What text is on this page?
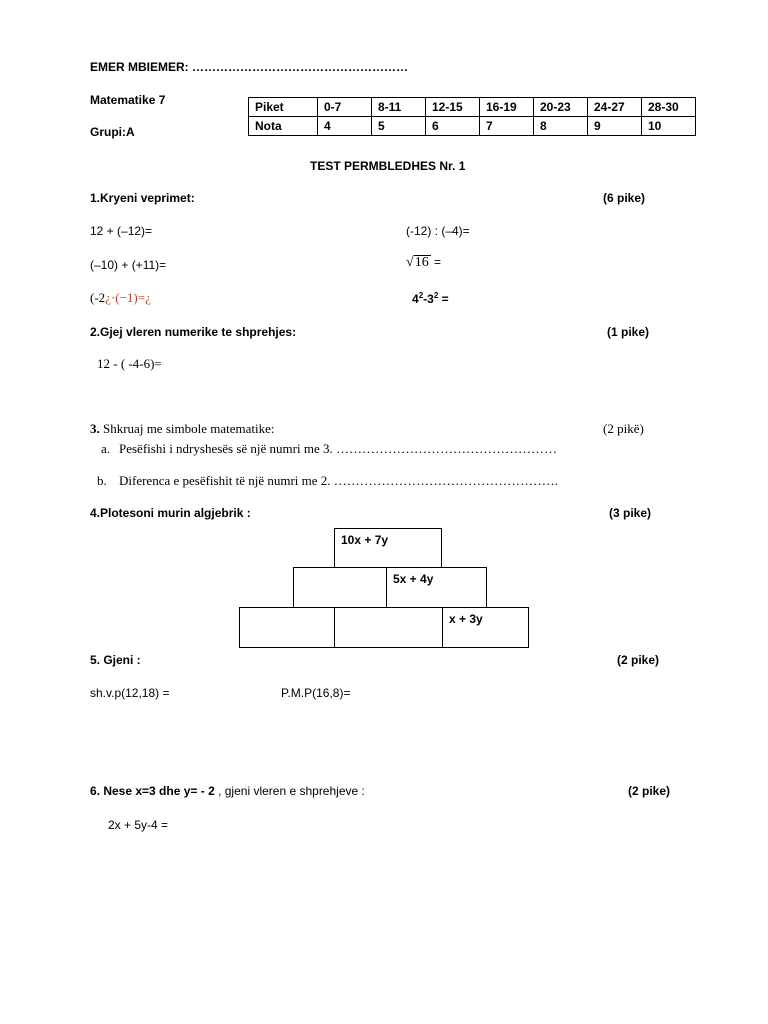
EMER MBIEMER: ………………………………………………
Matematike 7
Grupi:A
Piket	0-7	8-11	12-15	16-19	20-23	24-27	28-30
Nota	4	5	6	7	8	9	10
TEST PERMBLEDHES Nr. 1
1.Kryeni veprimet:	(6 pike)
12 + (–12)=	(-12) : (–4)=
(–10) + (+11)=	√16 =
(-2¿·(−1)=¿	$4^2-3^2$ =
2.Gjej vleren numerike te shprehjes:	(1 pike)
12 - ( -4-6)=
3. Shkruaj me simbole matematike:	(2 pikë)
a. Pesëfishi i ndryshesës së një numri me 3. ……………………………………………
b. Diferenca e pesëfishit të një numri me 2. …………………………………………….
4.Plotesoni murin algjebrik :	(3 pike)
10x + 7y
5x + 4y
x + 3y
5. Gjeni :	(2 pike)
sh.v.p(12,18) =	P.M.P(16,8)=
6. Nese x=3 dhe y= - 2 , gjeni vleren e shprehjeve :	(2 pike)
2x + 5y-4 =
